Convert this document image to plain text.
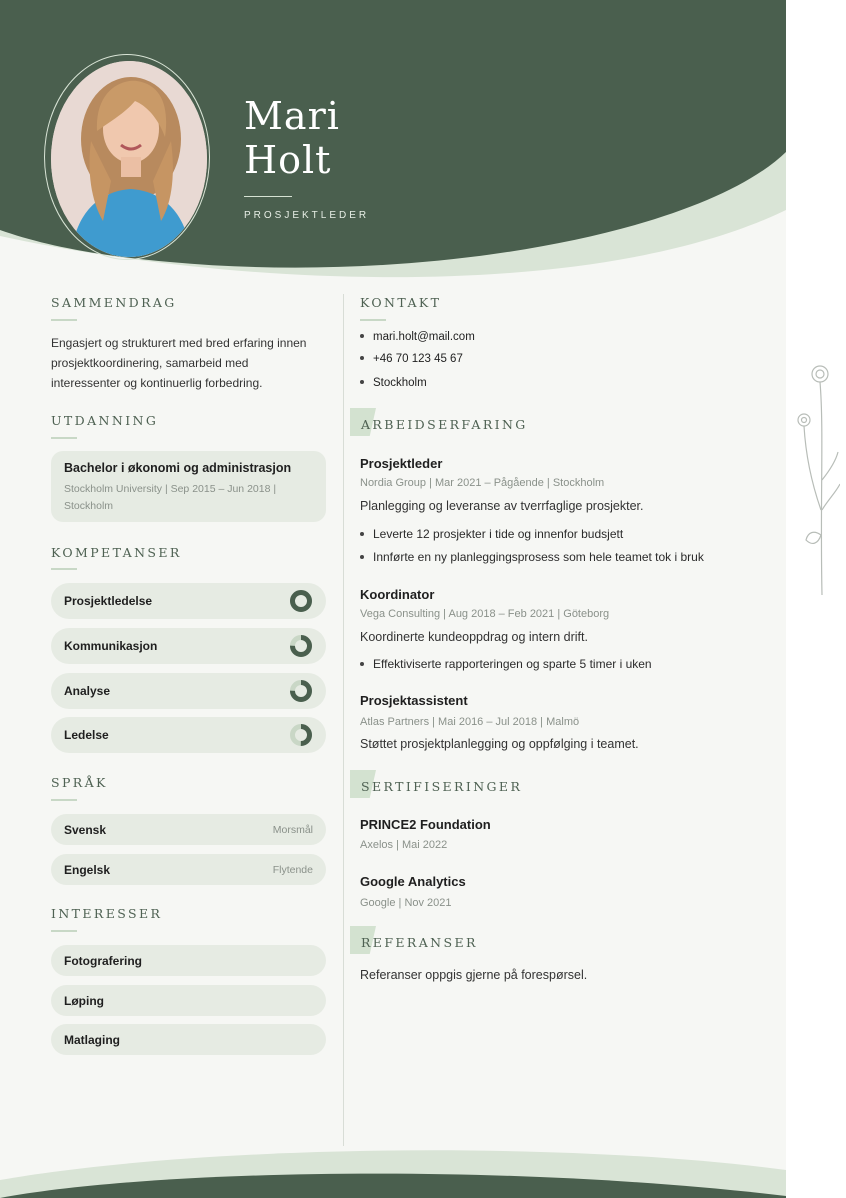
Mari
Holt
PROSJEKTLEDER
SAMMENDRAG
Engasjert og strukturert med bred erfaring innen prosjektkoordinering, samarbeid med interessenter og kontinuerlig forbedring.
UTDANNING
Bachelor i økonomi og administrasjon
Stockholm University | Sep 2015 – Jun 2018 | Stockholm
KOMPETANSER
Prosjektledelse
Kommunikasjon
Analyse
Ledelse
SPRÅK
Svensk	Morsmål
Engelsk	Flytende
INTERESSER
Fotografering
Løping
Matlaging
KONTAKT
mari.holt@mail.com
+46 70 123 45 67
Stockholm
ARBEIDSERFARING
Prosjektleder
Nordia Group | Mar 2021 – Pågående | Stockholm
Planlegging og leveranse av tverrfaglige prosjekter.
Leverte 12 prosjekter i tide og innenfor budsjett
Innførte en ny planleggingsprosess som hele teamet tok i bruk
Koordinator
Vega Consulting | Aug 2018 – Feb 2021 | Göteborg
Koordinerte kundeoppdrag og intern drift.
Effektiviserte rapporteringen og sparte 5 timer i uken
Prosjektassistent
Atlas Partners | Mai 2016 – Jul 2018 | Malmö
Støttet prosjektplanlegging og oppfølging i teamet.
SERTIFISERINGER
PRINCE2 Foundation
Axelos | Mai 2022
Google Analytics
Google | Nov 2021
REFERANSER
Referanser oppgis gjerne på forespørsel.
